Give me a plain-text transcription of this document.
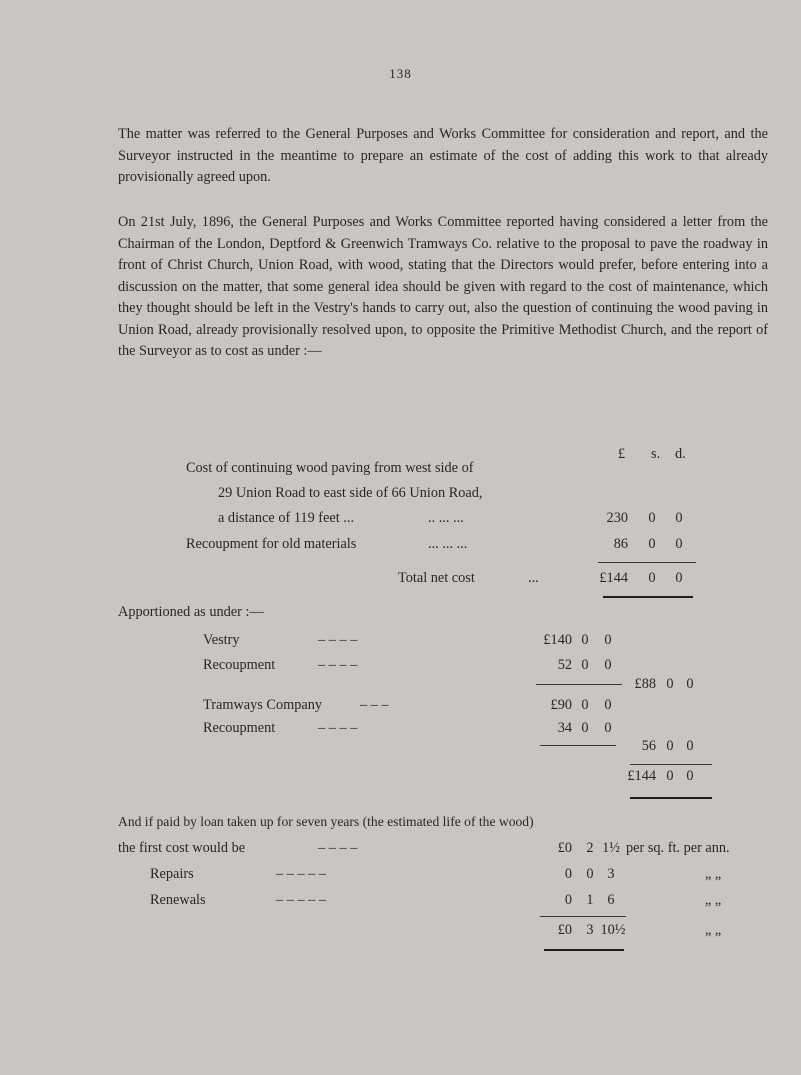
138

The matter was referred to the General Purposes and Works Committee for consideration and report, and the Surveyor instructed in the meantime to prepare an estimate of the cost of adding this work to that already provisionally agreed upon.

On 21st July, 1896, the General Purposes and Works Committee reported having considered a letter from the Chairman of the London, Deptford & Greenwich Tramways Co. relative to the proposal to pave the roadway in front of Christ Church, Union Road, with wood, stating that the Directors would prefer, before entering into a discussion on the matter, that some general idea should be given with regard to the cost of maintenance, which they thought should be left in the Vestry's hands to carry out, also the question of continuing the wood paving in Union Road, already provisionally resolved upon, to opposite the Primitive Methodist Church, and the report of the Surveyor as to cost as under :—

£ s. d.
Cost of continuing wood paving from west side of
29 Union Road to east side of 66 Union Road,
a distance of 119 feet ...	.. ... ...	230 0 0
Recoupment for old materials	... ... ...	86 0 0
Total net cost	...	£144 0 0
Apportioned as under :—
Vestry	– – – –	£140 0 0
Recoupment	– – – –	52 0 0
£88 0 0
Tramways Company	– – –	£90 0 0
Recoupment	– – – –	34 0 0
56 0 0
£144 0 0
And if paid by loan taken up for seven years (the estimated life of the wood)
the first cost would be	– – – –	£0 2 1½ per sq. ft. per ann.
Repairs	– – – – –	0 0 3	„ „
Renewals	– – – – –	0 1 6	„ „
£0 3 10½	„ „
